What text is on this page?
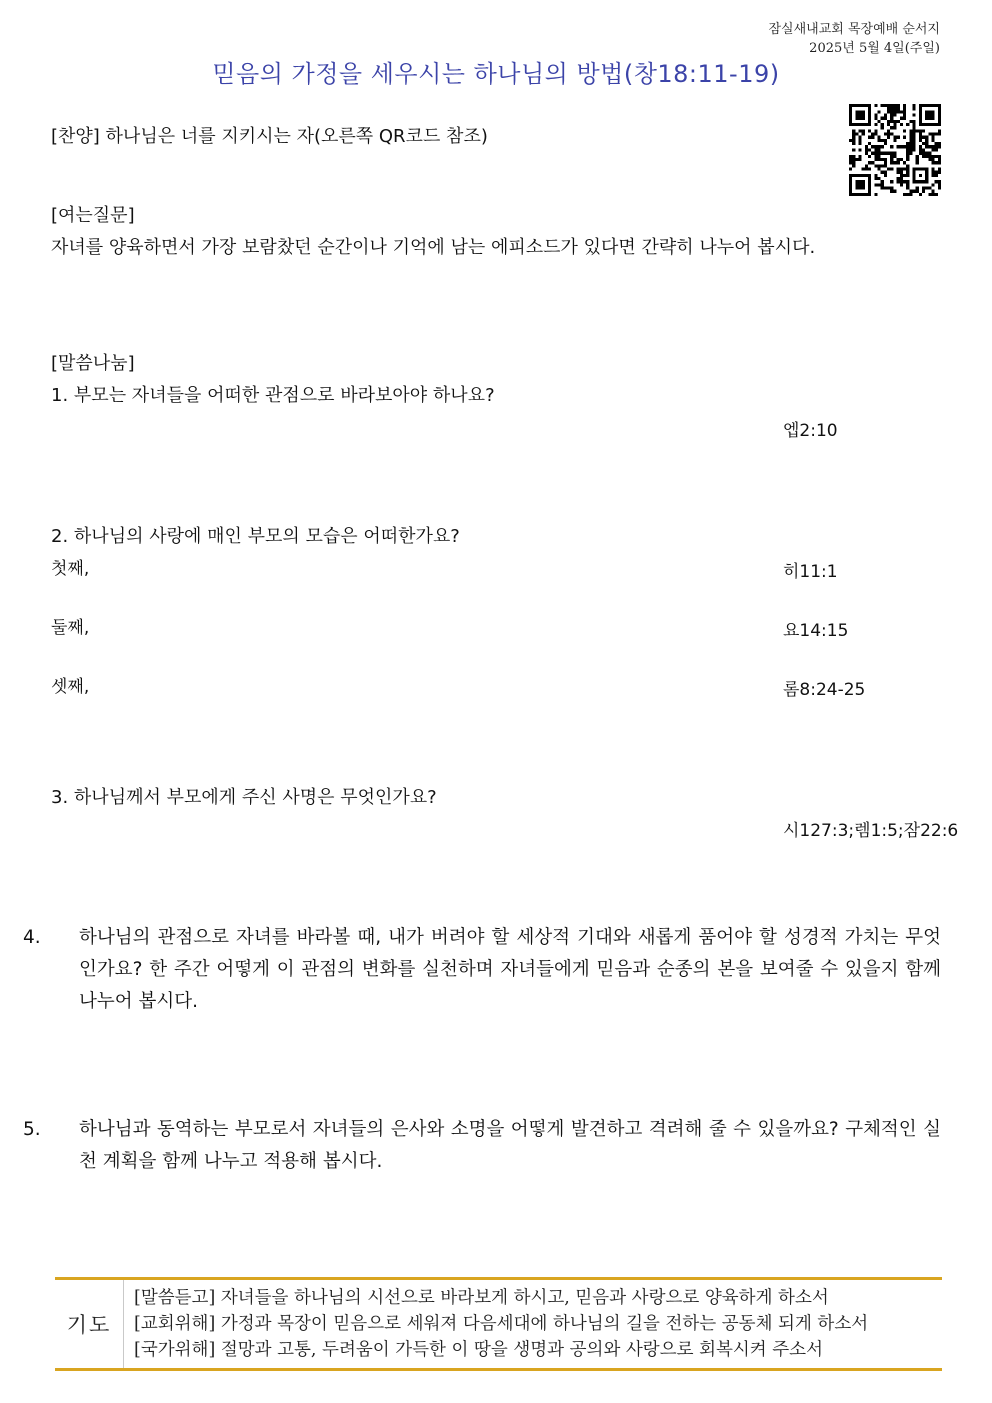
잠실새내교회 목장예배 순서지
2025년 5월 4일(주일)
믿음의 가정을 세우시는 하나님의 방법(창18:11-19)
[찬양] 하나님은 너를 지키시는 자(오른쪽 QR코드 참조)
[여는질문]
자녀를 양육하면서 가장 보람찼던 순간이나 기억에 남는 에피소드가 있다면 간략히 나누어 봅시다.
[말씀나눔]
1. 부모는 자녀들을 어떠한 관점으로 바라보아야 하나요?
엡2:10
2. 하나님의 사랑에 매인 부모의 모습은 어떠한가요?
첫째,	히11:1
둘째,	요14:15
셋째,	롬8:24-25
3. 하나님께서 부모에게 주신 사명은 무엇인가요?
시127:3;렘1:5;잠22:6
4. 하나님의 관점으로 자녀를 바라볼 때, 내가 버려야 할 세상적 기대와 새롭게 품어야 할 성경적 가치는 무엇인가요? 한 주간 어떻게 이 관점의 변화를 실천하며 자녀들에게 믿음과 순종의 본을 보여줄 수 있을지 함께 나누어 봅시다.
5. 하나님과 동역하는 부모로서 자녀들의 은사와 소명을 어떻게 발견하고 격려해 줄 수 있을까요? 구체적인 실천 계획을 함께 나누고 적용해 봅시다.
기도
[말씀듣고] 자녀들을 하나님의 시선으로 바라보게 하시고, 믿음과 사랑으로 양육하게 하소서
[교회위해] 가정과 목장이 믿음으로 세워져 다음세대에 하나님의 길을 전하는 공동체 되게 하소서
[국가위해] 절망과 고통, 두려움이 가득한 이 땅을 생명과 공의와 사랑으로 회복시켜 주소서
